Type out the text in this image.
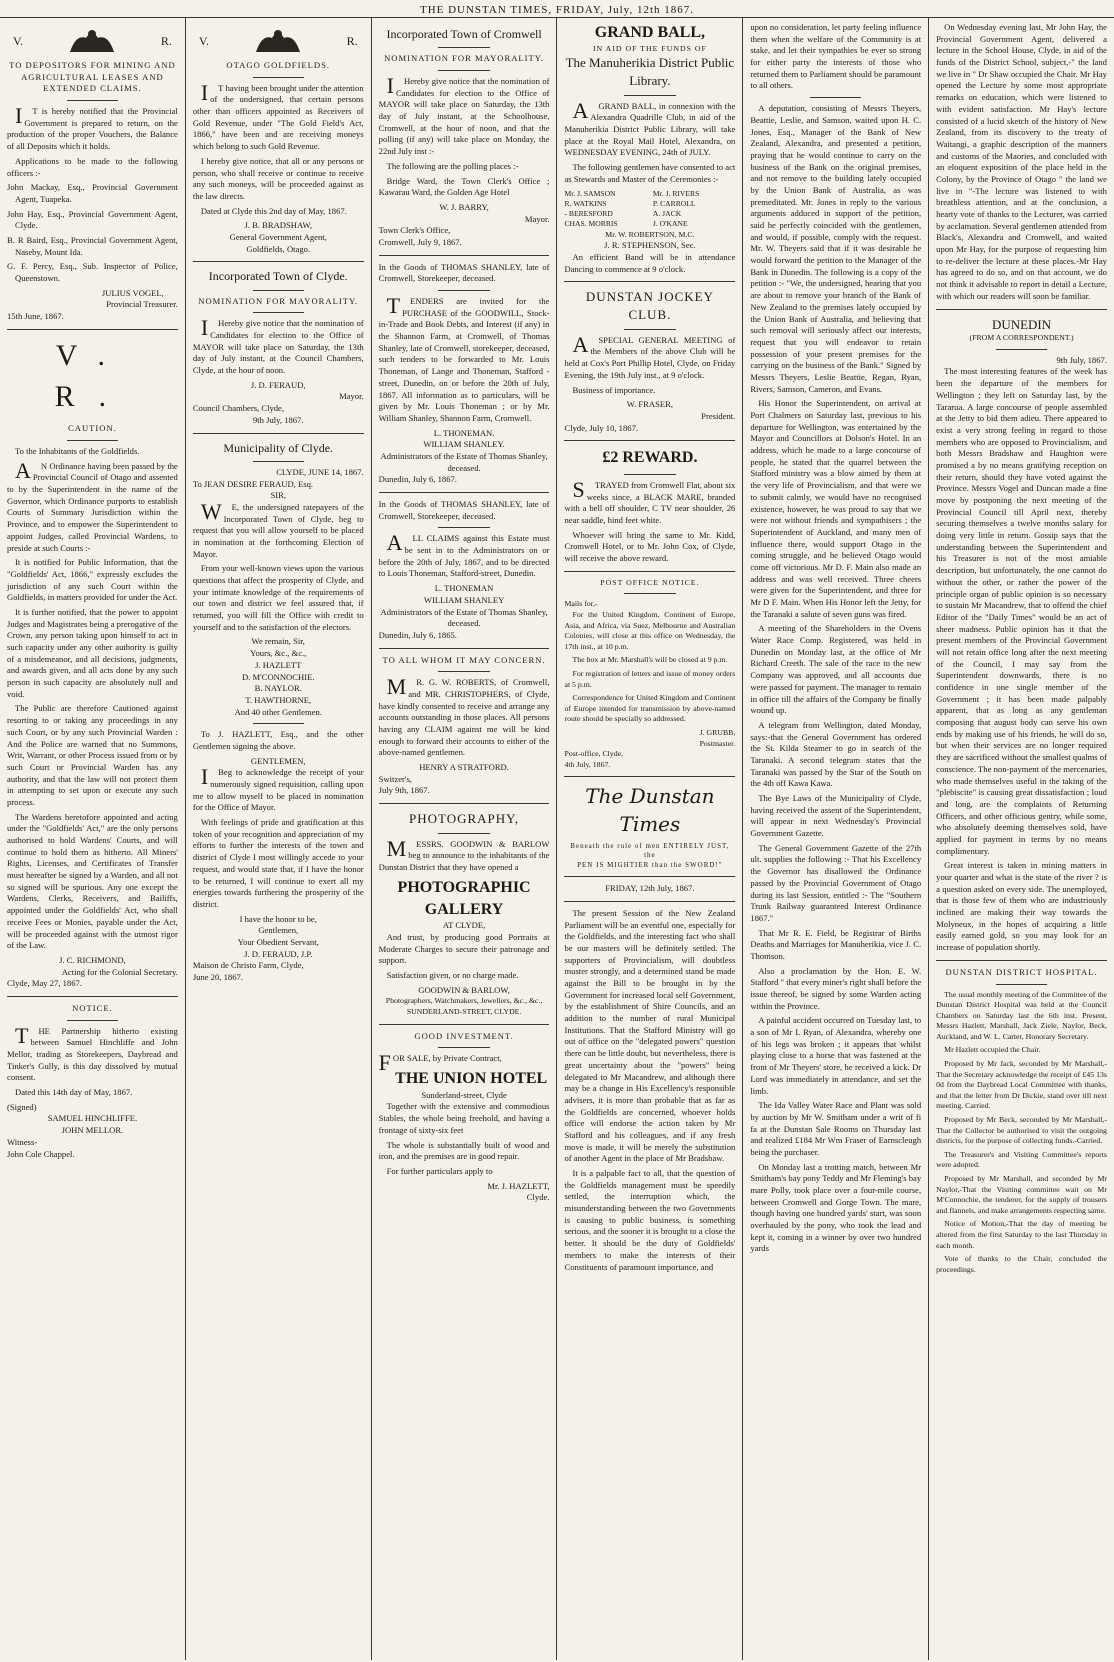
THE DUNSTAN TIMES, FRIDAY, July, 12th 1867.
V.	R.
TO DEPOSITORS FOR MINING AND AGRICULTURAL LEASES AND EXTENDED CLAIMS.

IT is hereby notified that the Provincial Government is prepared to return, on the production of the proper Vouchers, the Balance of all Deposits which it holds.

Applications to be made to the following officers :-

John Mackay, Esq., Provincial Government Agent, Tuapeka.

John Hay, Esq., Provincial Government Agent, Clyde.

B. R Baird, Esq., Provincial Government Agent, Naseby, Mount Ida.

G. F. Percy, Esq., Sub. Inspector of Police, Queenstown.

JULIUS VOGEL,
Provincial Treasurer.
15th June, 1867.
V. R.
CAUTION.

To the Inhabitants of the Goldfields.

AN Ordinance having been passed by the Provincial Council of Otago and assented to by the Superintendent in the name of the Governor, which Ordinance purports to establish Courts of Summary Jurisdiction within the Province, and to empower the Superintendent to appoint Judges, called Provincial Wardens, to preside at such Courts :-

It is notified for Public Information, that the "Goldfields' Act, 1866," expressly excludes the jurisdiction of any such Court within the Goldfields, in matters provided for under the Act.

It is further notified, that the power to appoint Judges and Magistrates being a prerogative of the Crown, any person taking upon himself to act in such capacity under any other authority is guilty of a misdemeanor, and all decisions, judgments, and awards given, and all acts done by any such person in such capacity are absolutely null and void.

The Public are therefore Cautioned against resorting to or taking any proceedings in any such Court, or by any such Provincial Warden : And the Police are warned that no Summons, Writ, Warrant, or other Process issued from or by such Court or Provincial Warden has any authority, and that the law will not protect them in attempting to set upon or execute any such process.

The Wardens heretofore appointed and acting under the "Goldfields' Act," are the only persons authorised to hold Wardens' Courts, and will continue to hold them as hitherto. All Miners' Rights, Licenses, and Certificates of Transfer must hereafter be signed by a Warden, and all not so signed will be spurious. Any one except the Wardens, Clerks, Receivers, and Bailiffs, appointed under the Goldfields' Act, who shall receive Fees or Monies, payable under the Act, will be proceeded against with the utmost rigor of the Law.

J. C. RICHMOND,
Acting for the Colonial Secretary.
Clyde, May 27, 1867.
NOTICE.

THE Partnership hitherto existing between Samuel Hinchliffe and John Mellor, trading as Storekeepers, Daybread and Tinker's Gully, is this day dissolved by mutual consent.

Dated this 14th day of May, 1867.

(Signed)
SAMUEL HINCHLIFFE.
JOHN MELLOR.
Witness-
John Cole Chappel.
V.	R.
OTAGO GOLDFIELDS.

IT having been brought under the attention of the undersigned, that certain persons other than officers appointed as Receivers of Gold Revenue, under "The Gold Field's Act, 1866," have been and are receiving moneys which belong to such Gold Revenue.

I hereby give notice, that all or any persons or person, who shall receive or continue to receive any such moneys, will be proceeded against as the law directs.

Dated at Clyde this 2nd day of May, 1867.

J. B. BRADSHAW,
General Government Agent,
Goldfields, Otago.
Incorporated Town of Clyde.
NOMINATION FOR MAYORALITY.

IHereby give notice that the nomination of Candidates for election to the Office of MAYOR will take place on Saturday, the 13th day of July instant, at the Council Chambers, Clyde, at the hour of noon.

J. D. FERAUD,
Mayor.
Council Chambers, Clyde,
9th July, 1867.
Municipality of Clyde.
CLYDE, JUNE 14, 1867.
To JEAN DESIRE FERAUD, Esq.
SIR,

WE, the undersigned ratepayers of the Incorporated Town of Clyde, beg to request that you will allow yourself to be placed in nomination at the forthcoming Election of Mayor.

From your well-known views upon the various questions that affect the prosperity of Clyde, and your intimate knowledge of the requirements of our town and district we feel assured that, if returned, you will fill the Office with credit to yourself and to the satisfaction of the electors.

We remain, Sir,
Yours, &c., &c.,
J. HAZLETT
D. M'CONNOCHIE.
B. NAYLOR.
T. HAWTHORNE,
And 40 other Gentlemen.

To J. HAZLETT, Esq., and the other Gentlemen signing the above.

GENTLEMEN,

IBeg to acknowledge the receipt of your numerously signed requisition, calling upon me to allow myself to be placed in nomination for the Office of Mayor.

With feelings of pride and gratification at this token of your recognition and appreciation of my efforts to further the interests of the town and district of Clyde I most willingly accede to your request, and would state that, if I have the honor to be returned, I will continue to exert all my energies towards furthering the prosperity of the district.

I have the honor to be,
Gentlemen,
Your Obedient Servant,
J. D. FERAUD, J.P.
Maison de Christo Farm, Clyde,
June 20, 1867.
Incorporated Town of Cromwell
NOMINATION FOR MAYORALITY.

IHereby give notice that the nomination of Candidates for election to the Office of MAYOR will take place on Saturday, the 13th day of July instant, at the Schoolhouse, Cromwell, at the hour of noon, and that the polling (if any) will take place on Monday, the 22nd July inst :-

The following are the polling places :-

Bridge Ward, the Town Clerk's Office ; Kawarau Ward, the Golden Age Hotel

W. J. BARRY,
Mayor.
Town Clerk's Office,
Cromwell, July 9, 1867.

In the Goods of THOMAS SHANLEY, late of Cromwell, Storekeeper, deceased.

TENDERS are invited for the PURCHASE of the GOODWILL, Stock-in-Trade and Book Debts, and Interest (if any) in the Shannon Farm, at Cromwell, of Thomas Shanley, late of Cromwell, storekeeper, deceased, such tenders to be forwarded to Mr. Louis Thoneman, of Lange and Thoneman, Stafford - street, Dunedin, on or before the 20th of July, 1867. All information as to particulars, will be given by Mr. Louis Thoneman ; or by Mr. William Shanley, Shannon Farm, Cromwell.

L. THONEMAN.
WILLIAM SHANLEY.
Administrators of the Estate of Thomas Shanley, deceased.
Dunedin, July 6, 1867.

In the Goods of THOMAS SHANLEY, late of Cromwell, Storekeeper, deceased.

ALL CLAIMS against this Estate must be sent in to the Administrators on or before the 20th of July, 1867, and to be directed to Louis Thoneman, Stafford-street, Dunedin.

L. THONEMAN
WILLIAM SHANLEY
Administrators of the Estate of Thomas Shanley, deceased.
Dunedin, July 6, 1865.
TO ALL WHOM IT MAY CONCERN.

MR. G. W. ROBERTS, of Cromwell, and MR. CHRISTOPHERS, of Clyde, have kindly consented to receive and arrange any accounts outstanding in those places. All persons having any CLAIM against me will be kind enough to forward their accounts to either of the above-named gentlemen.

HENRY A STRATFORD.
Switzer's,
July 9th, 1867.
PHOTOGRAPHY,

MESSRS. GOODWIN & BARLOW beg to announce to the inhabitants of the Dunstan District that they have opened a

PHOTOGRAPHIC GALLERY
AT CLYDE,

And trust, by producing good Portraits at Moderate Charges to secure their patronage and support.

Satisfaction given, or no charge made.

GOODWIN & BARLOW,
Photographers, Watchmakers, Jewellers, &c., &c.,
SUNDERLAND-STREET, CLYDE.
GOOD INVESTMENT.

FOR SALE, by Private Contract,

THE UNION HOTEL
Sunderland-street, Clyde

Together with the extensive and commodious Stables, the whole being freehold, and having a frontage of sixty-six feet

The whole is substantially built of wood and iron, and the premises are in good repair.

For further particulars apply to

Mr. J. HAZLETT,
Clyde.
GRAND BALL,
IN AID OF THE FUNDS OF
The Manuherikia District Public Library.

AGRAND BALL, in connexion with the Alexandra Quadrille Club, in aid of the Manuherikia District Public Library, will take place at the Royal Mail Hotel, Alexandra, on WEDNESDAY EVENING, 24th of JULY.

The following gentlemen have consented to act as Stewards and Master of the Ceremonies :-

Mr. J. SAMSON
R. WATKINS
- BERESFORD
CHAS. MORRIS
Mr. J. RIVERS
P. CARROLL
A. JACK
J. O'KANE
Mr. W. ROBERTSON, M.C.
J. R. STEPHENSON, Sec.

An efficient Band will be in attendance Dancing to commence at 9 o'clock.

DUNSTAN JOCKEY CLUB.

ASPECIAL GENERAL MEETING of the Members of the above Club will be held at Cox's Port Phillip Hotel, Clyde, on Friday Evening, the 19th July inst., at 9 o'clock.

Business of importance.

W. FRASER,
President.
Clyde, July 10, 1867.
£2 REWARD.

STRAYED from Cromwell Flat, about six weeks since, a BLACK MARE, branded with a bell off shoulder, C TV near shoulder, 26 near saddle, hind feet white.

Whoever will bring the same to Mr. Kidd, Cromwell Hotel, or to Mr. John Cox, of Clyde, will receive the above reward.

POST OFFICE NOTICE.
Mails for,-

For the United Kingdom, Continent of Europe, Asia, and Africa, via Suez, Melbourne and Australian Colonies, will close at this office on Wednesday, the 17th inst., at 10 p.m.

The box at Mr. Marshall's will be closed at 9 p.m.

For registration of letters and issue of money orders at 5 p.m.

Correspondence for United Kingdom and Continent of Europe intended for transmission by above-named route should be specially so addressed.

J. GRUBB,
Postmaster.
Post-office, Clyde,
4th July, 1867.
The Dunstan Times
Beneath the rule of men ENTIRELY JUST, the
PEN IS MIGHTIER than the SWORD!"
FRIDAY, 12th July, 1867.

The present Session of the New Zealand Parliament will be an eventful one, especially for the Goldfields, and the interesting fact who shall be our masters will be definitely settled. The supporters of Provincialism, will doubtless muster strongly, and a determined stand be made against the Bill to be brought in by the Government for increased local self Government, by the establishment of Shire Councils, and an addition to the number of rural Municipal Institutions. That the Stafford Ministry will go out of office on the "delegated powers" question there can be little doubt, but nevertheless, there is great uncertainty about the "powers" being delegated to Mr Macandrew, and although there may be a change in His Excellency's responsible advisers, it is more than probable that as far as the Goldfields are concerned, whoever holds office will endorse the action taken by Mr Stafford and his colleagues, and if any fresh move is made, it will be merely the substitution of another Agent in the place of Mr Bradshaw.

It is a palpable fact to all, that the question of the Goldfields management must be speedily settled, the interruption which, the misunderstanding between the two Governments is causing to public business, is something serious, and the sooner it is brought to a close the better. It should be the duty of Goldfields' members to make the interests of their Constituents of paramount importance, and

upon no consideration, let party feeling influence them when the welfare of the Community is at stake, and let their sympathies be ever so strong for either party the interests of those who returned them to Parliament should be paramount to all others.

A deputation, consisting of Messrs Theyers, Beattie, Leslie, and Samson, waited upon H. C. Jones, Esq., Manager of the Bank of New Zealand, Alexandra, and presented a petition, praying that he would continue to carry on the business of the Bank on the original premises, and not remove to the building lately occupied by the Union Bank of Australia, as was premeditated. Mr. Jones in reply to the various arguments adduced in support of the petition, said he perfectly coincided with the gentlemen, and would, if possible, comply with the request. Mr. W. Theyers said that if it was desirable he would forward the petition to the Manager of the Bank in Dunedin. The following is a copy of the petition :- "We, the undersigned, hearing that you are about to remove your branch of the Bank of New Zealand to the premises lately occupied by the Union Bank of Australia, and believing that such removal will seriously affect our interests, request that you will endeavor to retain possession of your present premises for the carrying on the business of the Bank." Signed by Messrs Theyers, Leslie Beattie, Regan, Ryan, Rivers, Samson, Cameron, and Evans.

His Honor the Superintendent, on arrival at Port Chalmers on Saturday last, previous to his departure for Wellington, was entertained by the Mayor and Councillors at Dolson's Hotel. In an address, which he made to a large concourse of people, he stated that the quarrel between the Stafford ministry was a blow aimed by them at the very life of Provincialism, and that were we to submit calmly, we would have no recognised existence, however, he was proud to say that we were not without friends and sympathisers ; the Superintendent of Auckland, and many men of influence there, would support Otago in the coming struggle, and he believed Otago would come off victorious. Mr D. F. Main also made an address and was well received. Three cheers were given for the Superintendent, and three for Mr D F. Main. When His Honor left the Jetty, for the Taranaki a salute of seven guns was fired.

A meeting of the Shareholders in the Ovens Water Race Comp. Registered, was held in Dunedin on Monday last, at the office of Mr Richard Creeth. The sale of the race to the new Company was approved, and all accounts due were passed for payment. The manager to remain in office till the affairs of the Company be finally wound up.

A telegram from Wellington, dated Monday, says:-that the General Government has ordered the St. Kilda Steamer to go in search of the Taranaki. A second telegram states that the Taranaki was passed by the Star of the South on the 4th off Kawa Kawa.

The Bye Laws of the Municipality of Clyde, having received the assent of the Superintendent, will appear in next Wednesday's Provincial Government Gazette.

The General Government Gazette of the 27th ult. supplies the following :- That his Excellency the Governor has disallowed the Ordinance passed by the Provincial Government of Otago during its last Session, entitled :- The "Southern Trunk Railway guaranteed Interest Ordinance 1867."

That Mr R. E. Field, be Registrar of Births Deaths and Marriages for Manuherikia, vice J. C. Thomson.

Also a proclamation by the Hon. E. W. Stafford " that every miner's right shall before the issue thereof, be signed by some Warden acting within the Province.

A painful accident occurred on Tuesday last, to a son of Mr I. Ryan, of Alexandra, whereby one of his legs was broken ; it appears that whilst playing close to a horse that was fastened at the front of Mr Theyers' store, he received a kick. Dr Lord was immediately in attendance, and set the limb.

The Ida Valley Water Race and Plant was sold by auction by Mr W. Smitham under a writ of fi fa at the Dunstan Sale Rooms on Thursday last and realized £184 Mr Wm Fraser of Earnscleugh being the purchaser.

On Monday last a trotting match, between Mr Smitham's bay pony Teddy and Mr Fleming's bay mare Polly, took place over a four-mile course, between Cromwell and Gorge Town. The mare, though having one hundred yards' start, was soon overhauled by the pony, who took the lead and kept it, coming in a winner by over two hundred yards

On Wednesday evening last, Mr John Hay, the Provincial Government Agent, delivered a lecture in the School House, Clyde, in aid of the funds of the District School, subject,-" the land we live in " Dr Shaw occupied the Chair. Mr Hay opened the Lecture by some most appropriate remarks on education, which were listened to with evident satisfaction. Mr Hay's lecture consisted of a lucid sketch of the history of New Zealand, from its discovery to the treaty of Waitangi, a graphic description of the manners and customs of the Maories, and concluded with an eloquent exposition of the place held in the Colony, by the Province of Otago " the land we live in "-The lecture was listened to with breathless attention, and at the conclusion, a hearty vote of thanks to the Lecturer, was carried by acclamation. Several gentlemen attended from Black's, Alexandra and Cromwell, and waited upon Mr Hay, for the purpose of requesting him to re-deliver the lecture at these places.-Mr Hay has agreed to do so, and on that account, we do not think it advisable to report in detail a Lecture, with which our readers will soon be familiar.

DUNEDIN
(FROM A CORRESPONDENT.)
9th July, 1867.

The most interesting features of the week has been the departure of the members for Wellington ; they left on Saturday last, by the Tararua. A large concourse of people assembled at the Jetty to bid them adieu. There appeared to exist a very strong feeling in regard to those members who are opposed to Provincialism, and both Messrs Bradshaw and Haughton were promised a by no means gratifying reception on their return, should they have voted against the Province. Messrs Vogel and Duncan made a fine move by postponing the next meeting of the Provincial Council till April next, thereby securing themselves a twelve months salary for doing very little in return. Gossip says that the understanding between the Superintendent and his Treasurer is not of the most amiable description, but unfortunately, the one cannot do without the other, or rather the power of the principle organ of public opinion is so necessary to sustain Mr Macandrew, that to offend the chief Editor of the "Daily Times" would be an act of sheer madness. Public opinion has it that the present members of the Provincial Government will not retain office long after the next meeting of the Council, I may say from the Superintendent downwards, there is no confidence in one single member of the Government ; it has been made palpably apparent, that as long as any gentleman composing that august body can serve his own ends by making use of his friends, he will do so, but when their services are no longer required they are sacrificed without the smallest qualms of conscience. The non-payment of the mercenaries, who made themselves useful in the taking of the "plebiscite" is causing great dissatisfaction ; loud and long, are the complaints of Returning Officers, and other officious gentry, while some, who absolutely deeming themselves sold, have applied for payment in terms by no means complimentary.

Great interest is taken in mining matters in your quarter and what is the state of the river ? is a question asked on every side. The unemployed, that is those few of them who are industriously inclined are making their way towards the Molyneux, in the hopes of acquiring a little easily earned gold, so you may look for an increase of population shortly.

DUNSTAN DISTRICT HOSPITAL.

The usual monthly meeting of the Committee of the Dunstan District Hospital was held at the Council Chambers on Saturday last the 6th inst. Present, Messrs Hazlett, Marshall, Jack Ziele, Naylor, Beck, Auckland, and W. L. Carter, Honorary Secretary.

Mr Hazlett occupied the Chair.

Proposed by Mr Jack, seconded by Mr Marshall,-That the Secretary acknowledge the receipt of £45 13s 0d from the Daybread Local Committee with thanks, and that the letter from Dr Dickie, stand over till next meeting. Carried.

Proposed by Mr Beck, seconded by Mr Marshall,-That the Collector be authorised to visit the outgoing districts, for the purpose of collecting funds.-Carried.

The Treasurer's and Visiting Committee's reports were adopted.

Proposed by Mr Marshall, and seconded by Mr Naylor,-That the Visiting committee wait on Mr M'Connochie, the tenderer, for the supply of trousers and flannels, and make arrangements respecting same.

Notice of Motion,-That the day of meeting be altered from the first Saturday to the last Thursday in each month.

Vote of thanks to the Chair, concluded the proceedings.
